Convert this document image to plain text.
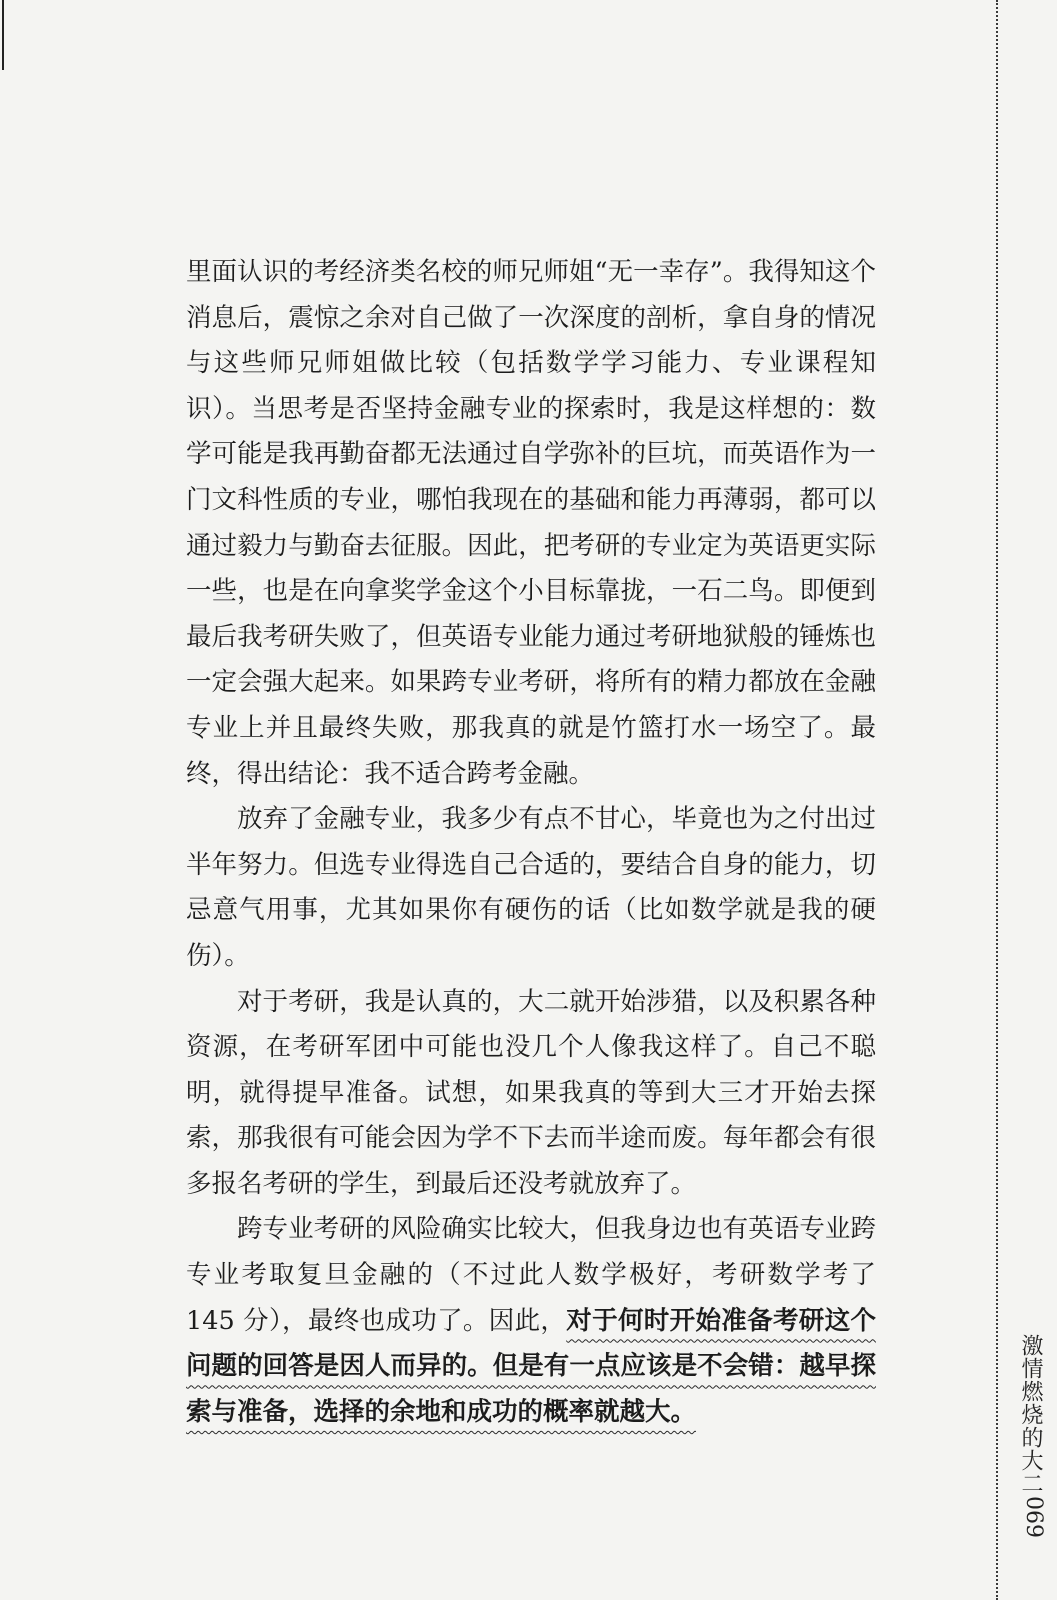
里面认识的考经济类名校的师兄师姐“无一幸存”。我得知这个消息后，震惊之余对自己做了一次深度的剖析，拿自身的情况与这些师兄师姐做比较（包括数学学习能力、专业课程知识）。当思考是否坚持金融专业的探索时，我是这样想的：数学可能是我再勤奋都无法通过自学弥补的巨坑，而英语作为一门文科性质的专业，哪怕我现在的基础和能力再薄弱，都可以通过毅力与勤奋去征服。因此，把考研的专业定为英语更实际一些，也是在向拿奖学金这个小目标靠拢，一石二鸟。即便到最后我考研失败了，但英语专业能力通过考研地狱般的锤炼也一定会强大起来。如果跨专业考研，将所有的精力都放在金融专业上并且最终失败，那我真的就是竹篮打水一场空了。最终，得出结论：我不适合跨考金融。

放弃了金融专业，我多少有点不甘心，毕竟也为之付出过半年努力。但选专业得选自己合适的，要结合自身的能力，切忌意气用事，尤其如果你有硬伤的话（比如数学就是我的硬伤）。

对于考研，我是认真的，大二就开始涉猎，以及积累各种资源，在考研军团中可能也没几个人像我这样了。自己不聪明，就得提早准备。试想，如果我真的等到大三才开始去探索，那我很有可能会因为学不下去而半途而废。每年都会有很多报名考研的学生，到最后还没考就放弃了。

跨专业考研的风险确实比较大，但我身边也有英语专业跨专业考取复旦金融的（不过此人数学极好，考研数学考了 145 分），最终也成功了。因此，对于何时开始准备考研这个问题的回答是因人而异的。但是有一点应该是不会错：越早探索与准备，选择的余地和成功的概率就越大。	激情燃烧的大二
069
